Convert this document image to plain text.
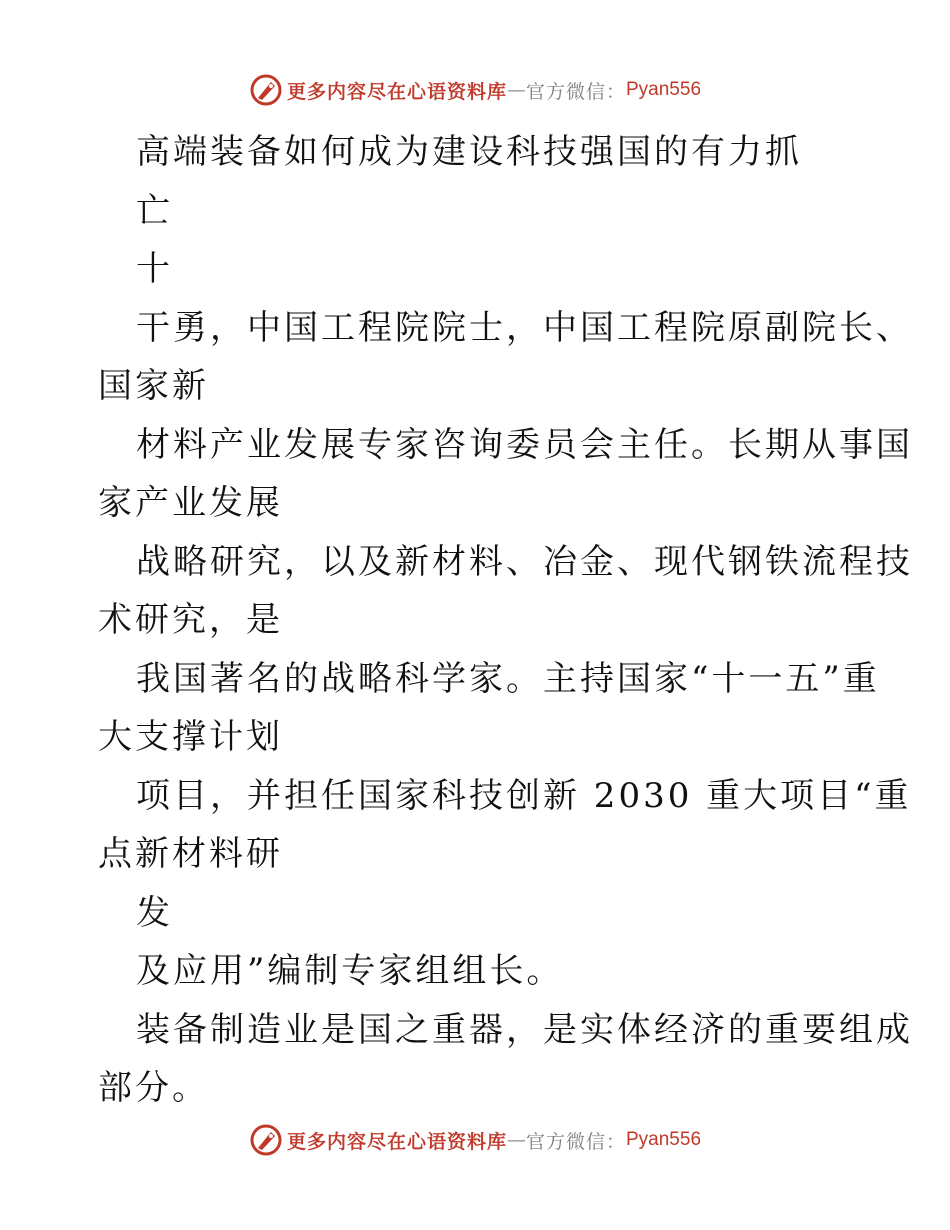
更多内容尽在心语资料库 — 官方微信： Pyan556
高端装备如何成为建设科技强国的有力抓
亡
十
干勇，中国工程院院士，中国工程院原副院长、
国家新
材料产业发展专家咨询委员会主任。长期从事国
家产业发展
战略研究，以及新材料、冶金、现代钢铁流程技
术研究，是
我国著名的战略科学家。主持国家“十一五”重
大支撑计划
项目，并担任国家科技创新 2030 重大项目“重
点新材料研
发
及应用”编制专家组组长。
装备制造业是国之重器，是实体经济的重要组成
部分。
更多内容尽在心语资料库 — 官方微信： Pyan556
